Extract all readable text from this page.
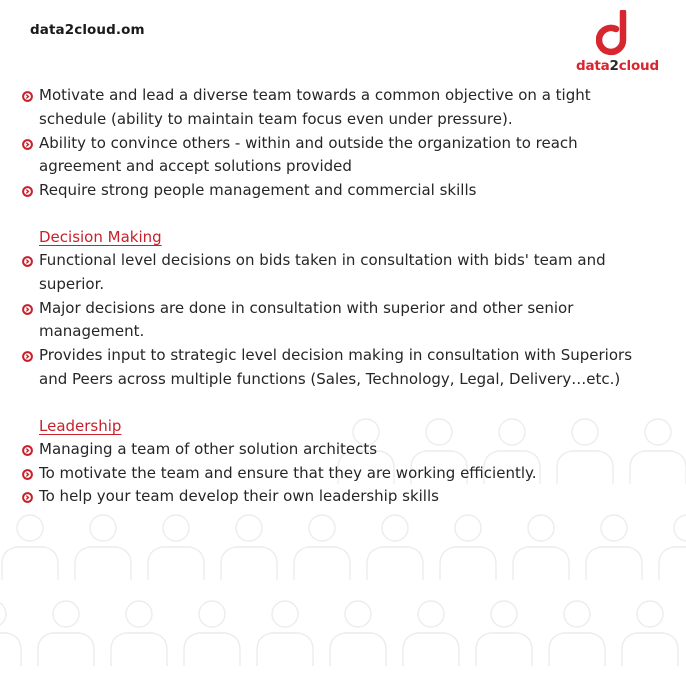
data2cloud.om
data2cloud
Motivate and lead a diverse team towards a common objective on a tight schedule (ability to maintain team focus even under pressure).
Ability to convince others - within and outside the organization to reach agreement and accept solutions provided
Require strong people management and commercial skills
Decision Making
Functional level decisions on bids taken in consultation with bids' team and superior.
Major decisions are done in consultation with superior and other senior management.
Provides input to strategic level decision making in consultation with Superiors and Peers across multiple functions (Sales, Technology, Legal, Delivery…etc.)
Leadership
Managing a team of other solution architects
To motivate the team and ensure that they are working efficiently.
To help your team develop their own leadership skills
